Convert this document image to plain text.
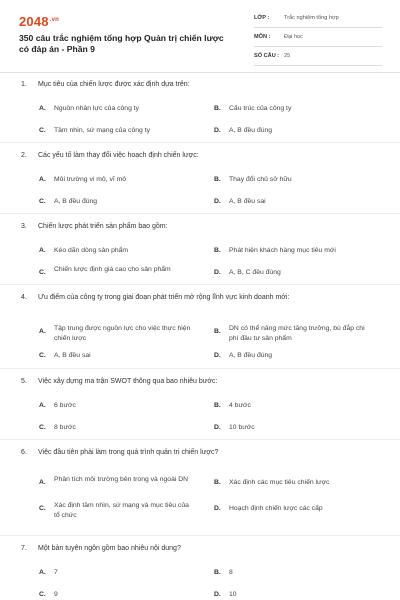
$2048^{.vn}$
350 câu trắc nghiệm tổng hợp Quản trị chiến lược có đáp án - Phần 9
LỚP :	Trắc nghiệm tổng hợp
MÔN : Đại học
SỐ CÂU : 25
1. Mục tiêu của chiến lược được xác định dựa trên:
A. Nguồn nhân lực của công ty	B. Cấu trúc của công ty
C. Tầm nhìn, sứ mạng của công ty	D. A, B đều đúng
2. Các yếu tố làm thay đổi việc hoạch định chiến lược:
A. Môi trường vi mô, vĩ mô	B. Thay đổi chủ sở hữu
C. A, B đều đúng	D. A, B đều sai
3. Chiến lược phát triển sản phẩm bao gồm:
A. Kéo dãn dòng sản phẩm	B. Phát hiện khách hàng mục tiêu mới
C. Chiến lược định giá cao cho sản phẩm	D. A, B, C đều đúng
4. Ưu điểm của công ty trong giai đoạn phát triển mở rộng lĩnh vực kinh doanh mới:
A. Tập trung được nguồn lực cho việc thực hiện chiến lược
B. DN có thể nâng mức tăng trưởng, bù đắp chi phí đầu tư sản phẩm
C. A, B đều sai	D. A, B đều đúng
5. Việc xây dựng ma trận SWOT thông qua bao nhiêu bước:
A. 6 bước	B. 4 bước
C. 8 bước	D. 10 bước
6. Việc đầu tiên phải làm trong quá trình quản trị chiến lược?
A. Phân tích môi trường bên trong và ngoài DN	B. Xác định các mục tiêu chiến lược
C. Xác định tầm nhìn, sứ mạng và mục tiêu của tổ chức
D. Hoạch định chiến lược các cấp
7. Một bản tuyên ngôn gồm bao nhiêu nội dung?
A. 7	B. 8
C. 9	D. 10
